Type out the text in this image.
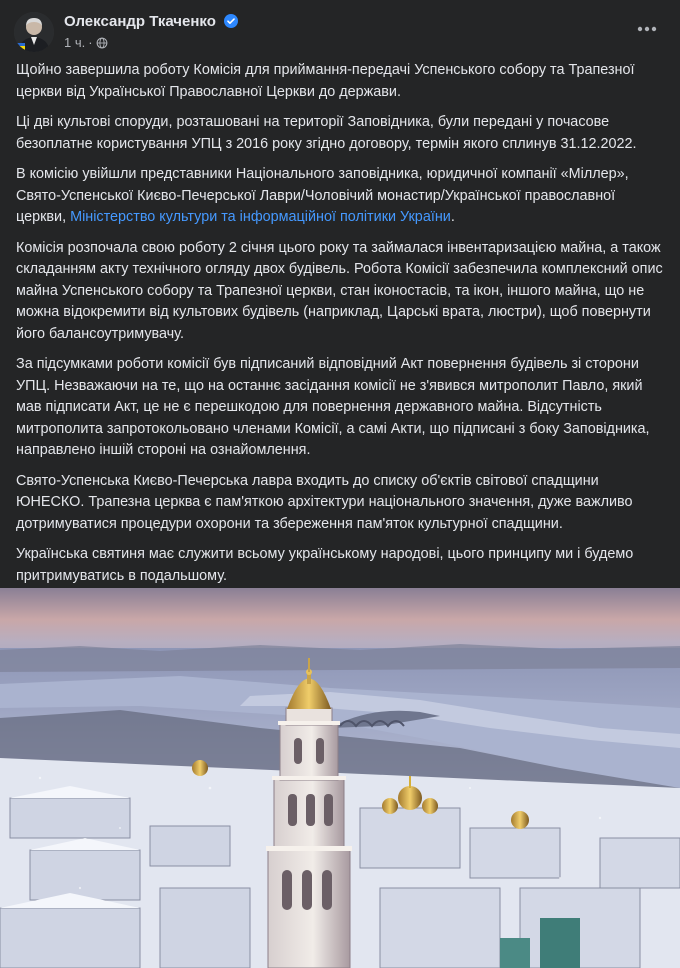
Олександр Ткаченко
1 ч. ·

Щойно завершила роботу Комісія для приймання-передачі Успенського собору та Трапезної церкви від Української Православної Церкви до держави.

Ці дві культові споруди, розташовані на території Заповідника, були передані у почасове безоплатне користування УПЦ з 2016 року згідно договору, термін якого сплинув 31.12.2022.

В комісію увійшли представники Національного заповідника, юридичної компанії «Міллер», Свято-Успенської Києво-Печерської Лаври/Чоловічий монастир/Української православної церкви, Міністерство культури та інформаційної політики України.

Комісія розпочала свою роботу 2 січня цього року та займалася інвентаризацією майна, а також складанням акту технічного огляду двох будівель. Робота Комісії забезпечила комплексний опис майна Успенського собору та Трапезної церкви, стан іконостасів, та ікон, іншого майна, що не можна відокремити від культових будівель (наприклад, Царські врата, люстри), щоб повернути його балансоутримувачу.

За підсумками роботи комісії був підписаний відповідний Акт повернення будівель зі сторони УПЦ. Незважаючи на те, що на останнє засідання комісії не з'явився митрополит Павло, який мав підписати Акт, це не є перешкодою для повернення державного майна. Відсутність митрополита запротокольовано членами Комісії, а самі Акти, що підписані з боку Заповідника, направлено іншій стороні на ознайомлення.

Свято-Успенська Києво-Печерська лавра входить до списку об'єктів світової спадщини ЮНЕСКО. Трапезна церква є пам'яткою архітектури національного значення, дуже важливо дотримуватися процедури охорони та збереження пам'яток культурної спадщини.

Українська святиня має служити всьому українському народові, цього принципу ми і будемо притримуватись в подальшому.
